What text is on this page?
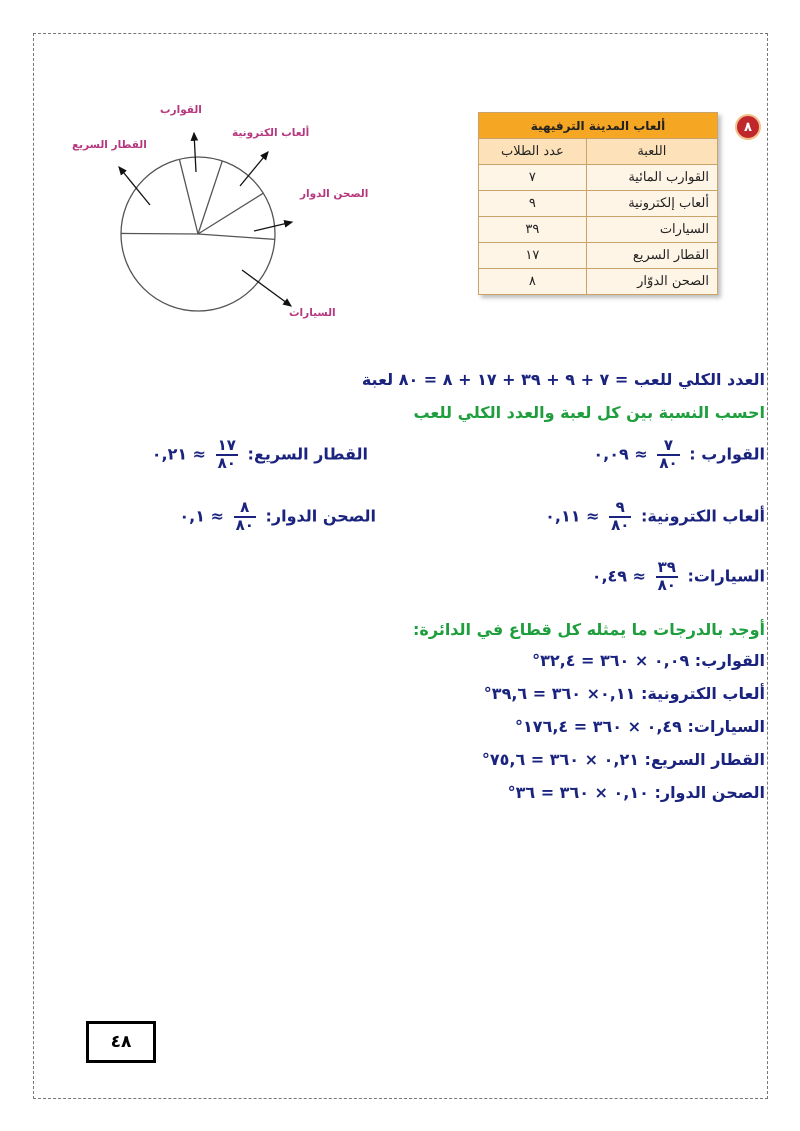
٨
ألعاب المدينة الترفيهية	
اللعبة	عدد الطلاب
القوارب المائية	٧
ألعاب إلكترونية	٩
السيارات	٣٩
القطار السريع	١٧
الصحن الدوّار	٨
القوارب
ألعاب الكترونية
القطار السريع
الصحن الدوار
السيارات
العدد الكلي للعب = ٧ + ٩ + ٣٩ + ١٧ + ٨ = ٨٠ لعبة
احسب النسبة بين كل لعبة والعدد الكلي للعب
القوارب :
$\frac{٧}{٨٠}$
≈ ٠,٠٩
القطار السريع:
$\frac{١٧}{٨٠}$
≈ ٠,٢١
ألعاب الكترونية:
$\frac{٩}{٨٠}$
≈ ٠,١١
الصحن الدوار:
$\frac{٨}{٨٠}$
≈ ٠,١
السيارات:
$\frac{٣٩}{٨٠}$
≈ ٠,٤٩
أوجد بالدرجات ما يمثله كل قطاع في الدائرة:
القوارب: ٠,٠٩ × ٣٦٠ = ٣٢,٤°
ألعاب الكترونية: ٠,١١× ٣٦٠ = ٣٩,٦°
السيارات: ٠,٤٩ × ٣٦٠ = ١٧٦,٤°
القطار السريع: ٠,٢١ × ٣٦٠ = ٧٥,٦°
الصحن الدوار: ٠,١٠ × ٣٦٠ = ٣٦°
٤٨
